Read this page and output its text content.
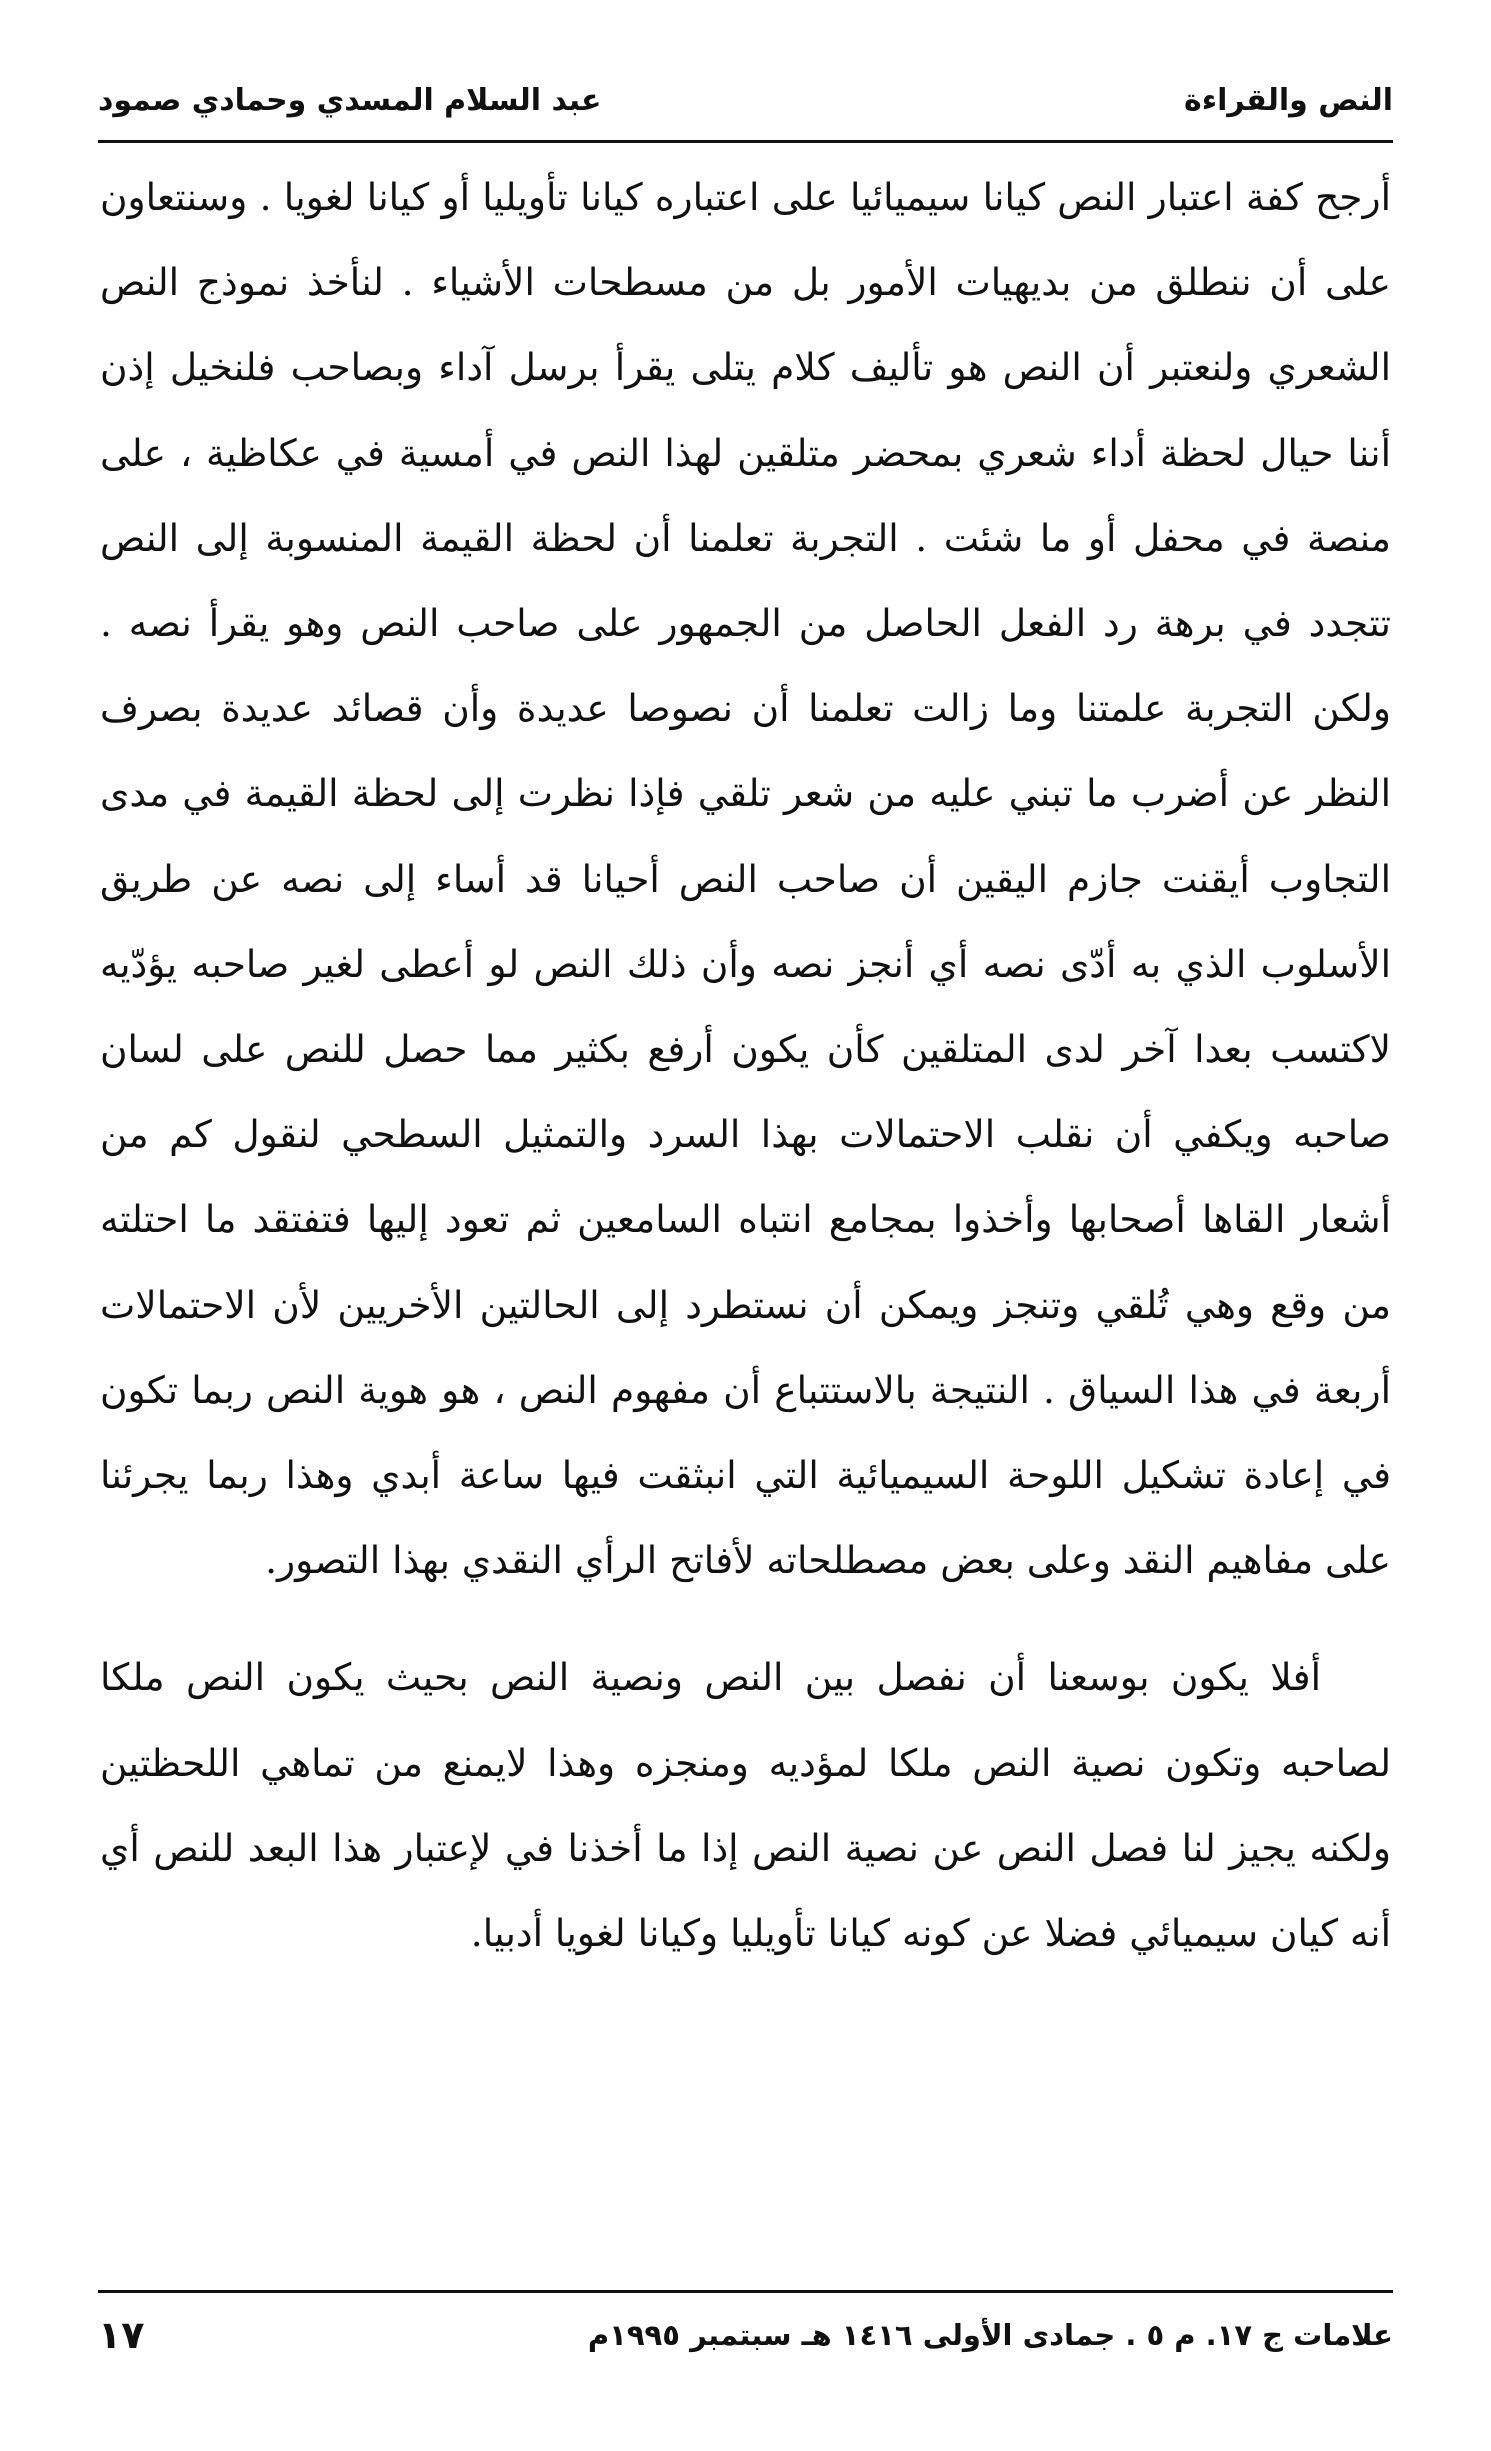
النص والقراءة
عبد السلام المسدي وحمادي صمود

أرجح كفة اعتبار النص كيانا سيميائيا على اعتباره كيانا تأويليا أو كيانا لغويا . وسنتعاون على أن ننطلق من بديهيات الأمور بل من مسطحات الأشياء . لنأخذ نموذج النص الشعري ولنعتبر أن النص هو تأليف كلام يتلى يقرأ برسل آداء وبصاحب فلنخيل إذن أننا حيال لحظة أداء شعري بمحضر متلقين لهذا النص في أمسية في عكاظية ، على منصة في محفل أو ما شئت . التجربة تعلمنا أن لحظة القيمة المنسوبة إلى النص تتجدد في برهة رد الفعل الحاصل من الجمهور على صاحب النص وهو يقرأ نصه . ولكن التجربة علمتنا وما زالت تعلمنا أن نصوصا عديدة وأن قصائد عديدة بصرف النظر عن أضرب ما تبني عليه من شعر تلقي فإذا نظرت إلى لحظة القيمة في مدى التجاوب أيقنت جازم اليقين أن صاحب النص أحيانا قد أساء إلى نصه عن طريق الأسلوب الذي به أدّى نصه أي أنجز نصه وأن ذلك النص لو أعطى لغير صاحبه يؤدّيه لاكتسب بعدا آخر لدى المتلقين كأن يكون أرفع بكثير مما حصل للنص على لسان صاحبه ويكفي أن نقلب الاحتمالات بهذا السرد والتمثيل السطحي لنقول كم من أشعار القاها أصحابها وأخذوا بمجامع انتباه السامعين ثم تعود إليها فتفتقد ما احتلته من وقع وهي تُلقي وتنجز ويمكن أن نستطرد إلى الحالتين الأخريين لأن الاحتمالات أربعة في هذا السياق . النتيجة بالاستتباع أن مفهوم النص ، هو هوية النص ربما تكون في إعادة تشكيل اللوحة السيميائية التي انبثقت فيها ساعة أبدي وهذا ربما يجرئنا على مفاهيم النقد وعلى بعض مصطلحاته لأفاتح الرأي النقدي بهذا التصور.

أفلا يكون بوسعنا أن نفصل بين النص ونصية النص بحيث يكون النص ملكا لصاحبه وتكون نصية النص ملكا لمؤديه ومنجزه وهذا لايمنع من تماهي اللحظتين ولكنه يجيز لنا فصل النص عن نصية النص إذا ما أخذنا في لإعتبار هذا البعد للنص أي أنه كيان سيميائي فضلا عن كونه كيانا تأويليا وكيانا لغويا أدبيا.

علامات ج ١٧. م ٥ . جمادى الأولى ١٤١٦ هـ سبتمبر ١٩٩٥م
١٧
